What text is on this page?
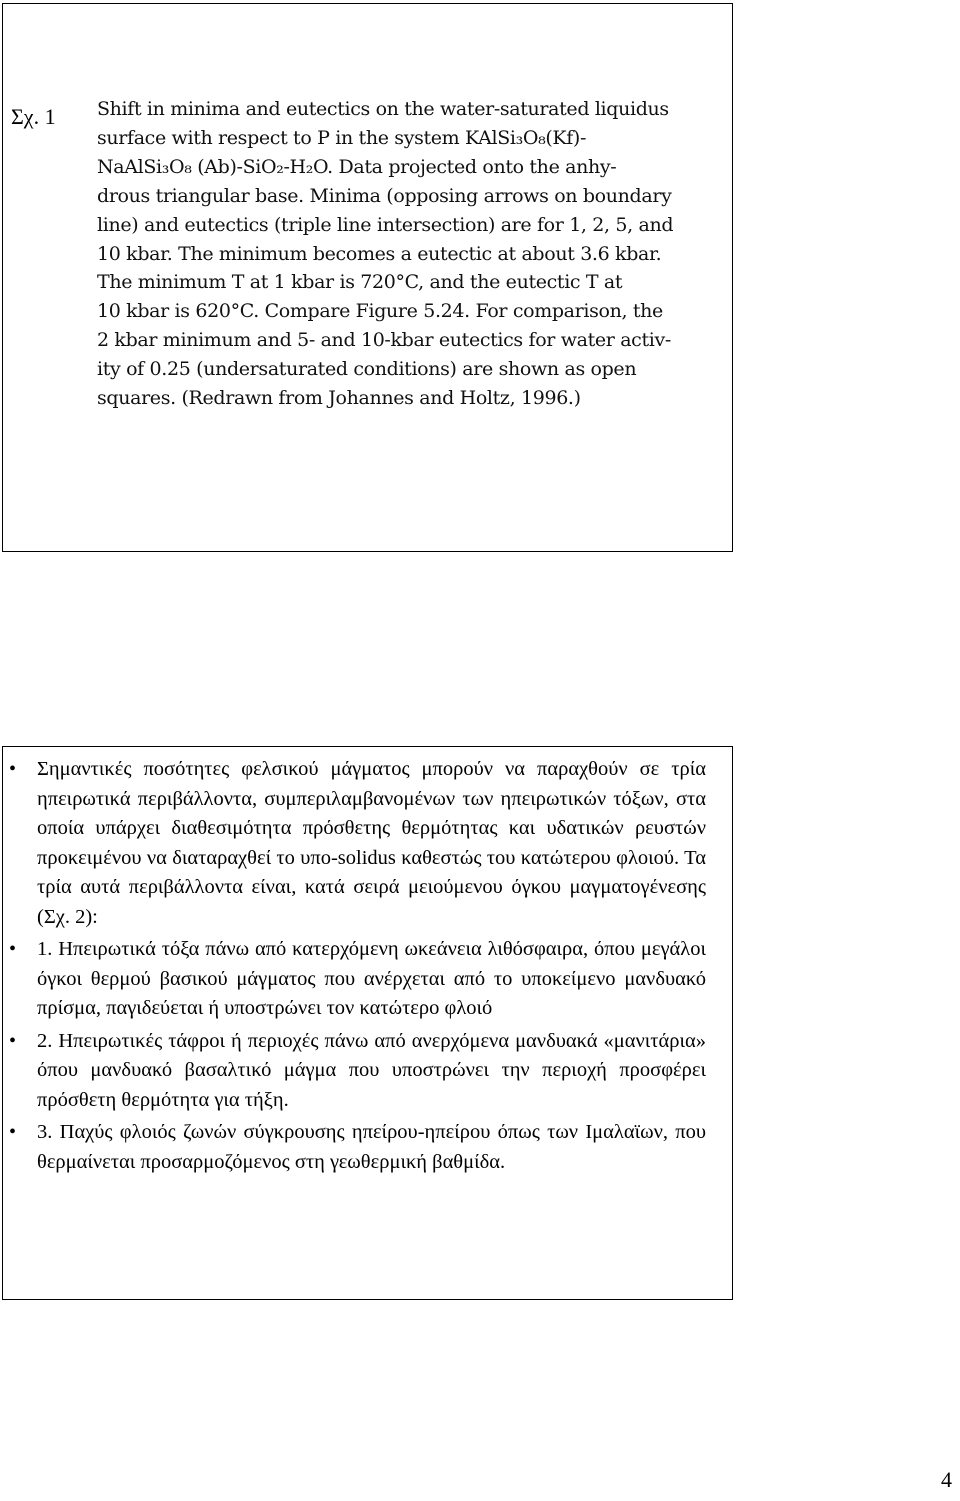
Σχ. 1 Shift in minima and eutectics on the water-saturated liquidus
surface with respect to P in the system KAlSi₃O₈(Kf)-
NaAlSi₃O₈ (Ab)-SiO₂-H₂O. Data projected onto the anhy-
drous triangular base. Minima (opposing arrows on boundary
line) and eutectics (triple line intersection) are for 1, 2, 5, and
10 kbar. The minimum becomes a eutectic at about 3.6 kbar.
The minimum T at 1 kbar is 720°C, and the eutectic T at
10 kbar is 620°C. Compare Figure 5.24. For comparison, the
2 kbar minimum and 5- and 10-kbar eutectics for water activ-
ity of 0.25 (undersaturated conditions) are shown as open
squares. (Redrawn from Johannes and Holtz, 1996.)

• Σημαντικές ποσότητες φελσικού μάγματος μπορούν να παραχθούν σε τρία ηπειρωτικά περιβάλλοντα, συμπεριλαμβανομένων των ηπειρωτικών τόξων, στα οποία υπάρχει διαθεσιμότητα πρόσθετης θερμότητας και υδατικών ρευστών προκειμένου να διαταραχθεί το υπο-solidus καθεστώς του κατώτερου φλοιού. Τα τρία αυτά περιβάλλοντα είναι, κατά σειρά μειούμενου όγκου μαγματογένεσης (Σχ. 2):
• 1. Ηπειρωτικά τόξα πάνω από κατερχόμενη ωκεάνεια λιθόσφαιρα, όπου μεγάλοι όγκοι θερμού βασικού μάγματος που ανέρχεται από το υποκείμενο μανδυακό πρίσμα, παγιδεύεται ή υποστρώνει τον κατώτερο φλοιό
• 2. Ηπειρωτικές τάφροι ή περιοχές πάνω από ανερχόμενα μανδυακά «μανιτάρια» όπου μανδυακό βασαλτικό μάγμα που υποστρώνει την περιοχή προσφέρει πρόσθετη θερμότητα για τήξη.
• 3. Παχύς φλοιός ζωνών σύγκρουσης ηπείρου-ηπείρου όπως των Ιμαλαϊων, που θερμαίνεται προσαρμοζόμενος στη γεωθερμική βαθμίδα.
4
